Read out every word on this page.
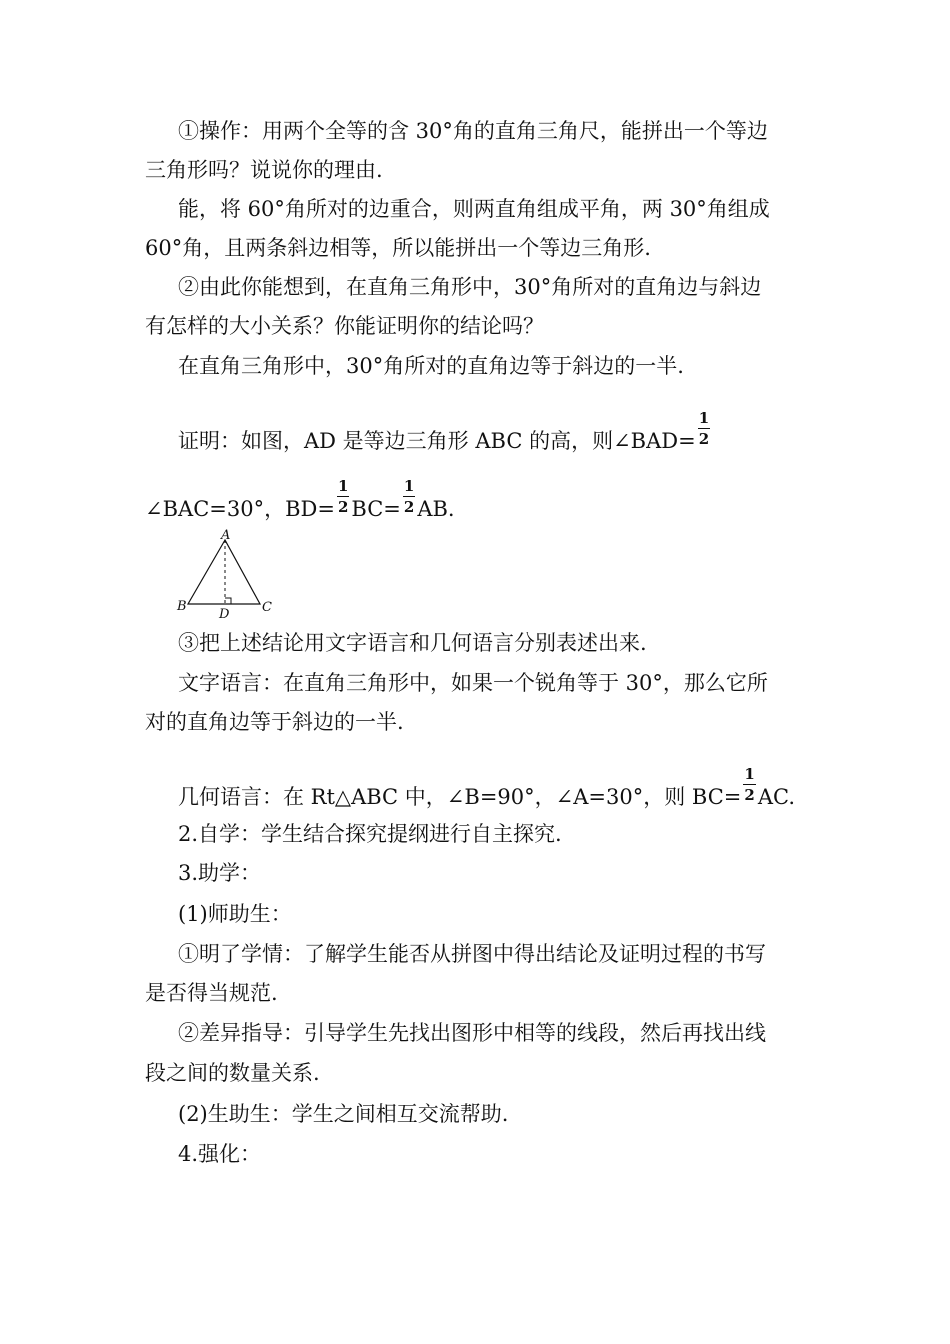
①操作：用两个全等的含 30°角的直角三角尺，能拼出一个等边
三角形吗？说说你的理由.
能，将 60°角所对的边重合，则两直角组成平角，两 30°角组成
60°角，且两条斜边相等，所以能拼出一个等边三角形.
②由此你能想到，在直角三角形中，30°角所对的直角边与斜边
有怎样的大小关系？你能证明你的结论吗？
在直角三角形中，30°角所对的直角边等于斜边的一半.
证明：如图，AD 是等边三角形 ABC 的高，则∠BAD= $\frac{1}{2}$
∠BAC=30°，$BD= \frac{1}{2} BC= \frac{1}{2}$ AB.
A
B	C
D
③把上述结论用文字语言和几何语言分别表述出来.
文字语言：在直角三角形中，如果一个锐角等于 30°，那么它所
对的直角边等于斜边的一半.
几何语言：在 Rt△ABC 中，∠B=90°，∠A=30°，则 $BC= \frac{1}{2}$ AC.
2.自学：学生结合探究提纲进行自主探究.
3.助学：
(1)师助生：
①明了学情：了解学生能否从拼图中得出结论及证明过程的书写
是否得当规范.
②差异指导：引导学生先找出图形中相等的线段，然后再找出线
段之间的数量关系.
(2)生助生：学生之间相互交流帮助.
4.强化：
